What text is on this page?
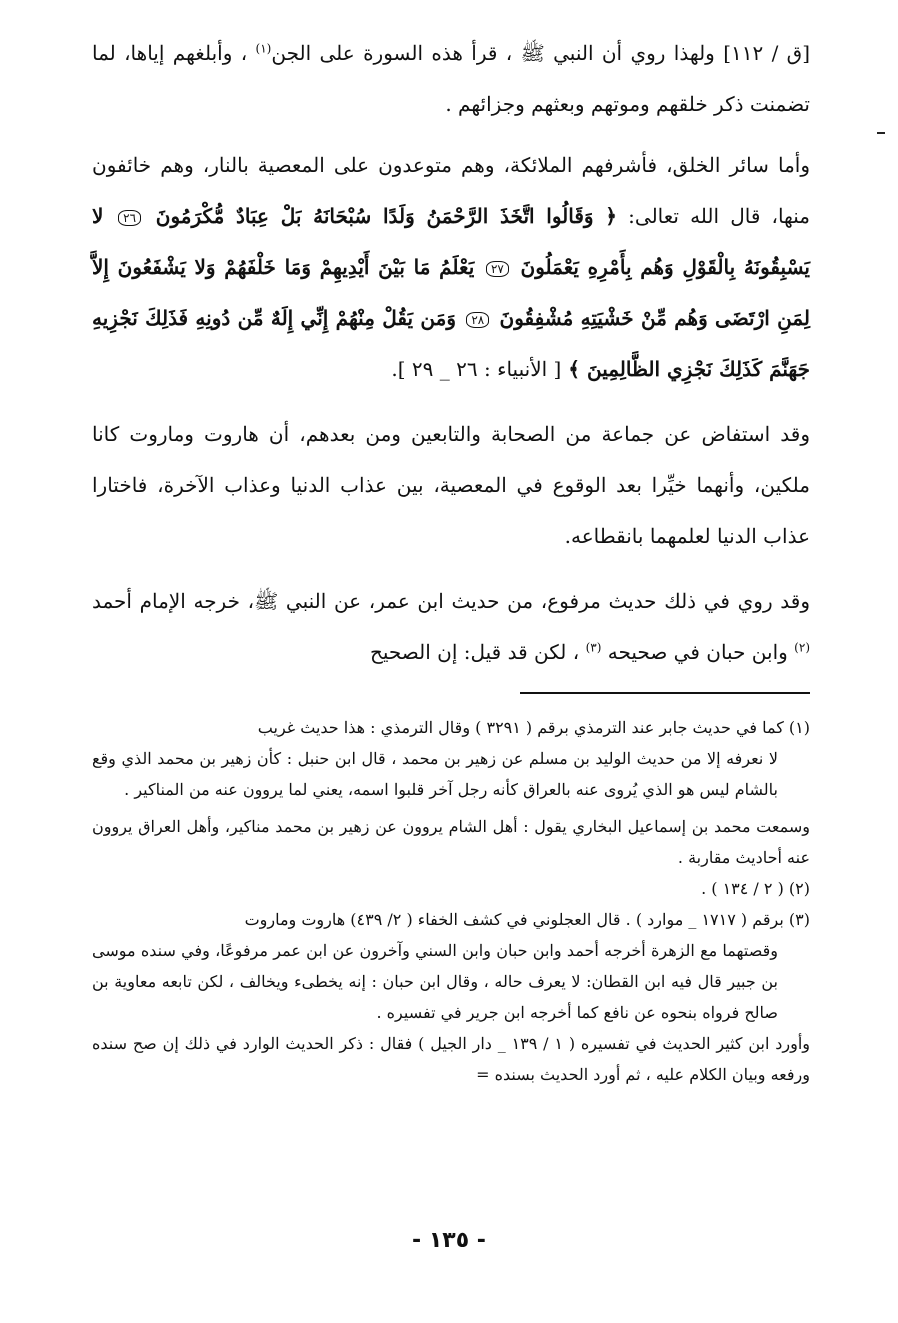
[ق / ١١٢] ولهذا روي أن النبي ﷺ ، قرأ هذه السورة على الجن$^{(١)}$ ، وأبلغهم إياها، لما تضمنت ذكر خلقهم وموتهم وبعثهم وجزائهم .

وأما سائر الخلق، فأشرفهم الملائكة، وهم متوعدون على المعصية بالنار، وهم خائفون منها، قال الله تعالى: ﴿ وَقَالُوا اتَّخَذَ الرَّحْمَنُ وَلَدًا سُبْحَانَهُ بَلْ عِبَادٌ مُّكْرَمُونَ ٢٦ لا يَسْبِقُونَهُ بِالْقَوْلِ وَهُم بِأَمْرِهِ يَعْمَلُونَ ٢٧ يَعْلَمُ مَا بَيْنَ أَيْدِيهِمْ وَمَا خَلْفَهُمْ وَلا يَشْفَعُونَ إِلاَّ لِمَنِ ارْتَضَى وَهُم مِّنْ خَشْيَتِهِ مُشْفِقُونَ ٢٨ وَمَن يَقُلْ مِنْهُمْ إِنِّي إِلَهٌ مِّن دُونِهِ فَذَلِكَ نَجْزِيهِ جَهَنَّمَ كَذَلِكَ نَجْزِي الظَّالِمِينَ ﴾ [ الأنبياء : ٢٦ _ ٢٩ ].

وقد استفاض عن جماعة من الصحابة والتابعين ومن بعدهم، أن هاروت وماروت كانا ملكين، وأنهما خيِّرا بعد الوقوع في المعصية، بين عذاب الدنيا وعذاب الآخرة، فاختارا عذاب الدنيا لعلمهما بانقطاعه.

وقد روي في ذلك حديث مرفوع، من حديث ابن عمر، عن النبي ﷺ، خرجه الإمام أحمد $^{(٢)}$ وابن حبان في صحيحه $^{(٣)}$ ، لكن قد قيل: إن الصحيح

(١) كما في حديث جابر عند الترمذي برقم ( ٣٢٩١ ) وقال الترمذي : هذا حديث غريب

لا نعرفه إلا من حديث الوليد بن مسلم عن زهير بن محمد ، قال ابن حنبل : كأن زهير بن محمد الذي وقع بالشام ليس هو الذي يُروى عنه بالعراق كأنه رجل آخر قلبوا اسمه، يعني لما يروون عنه من المناكير .

وسمعت محمد بن إسماعيل البخاري يقول : أهل الشام يروون عن زهير بن محمد مناكير، وأهل العراق يروون عنه أحاديث مقاربة .

(٢) ( ٢ / ١٣٤ ) .

(٣) برقم ( ١٧١٧ _ موارد ) . قال العجلوني في كشف الخفاء ( ٢/ ٤٣٩) هاروت وماروت

وقصتهما مع الزهرة أخرجه أحمد وابن حبان وابن السني وآخرون عن ابن عمر مرفوعًا، وفي سنده موسى بن جبير قال فيه ابن القطان: لا يعرف حاله ، وقال ابن حبان : إنه يخطىء ويخالف ، لكن تابعه معاوية بن صالح فرواه بنحوه عن نافع كما أخرجه ابن جرير في تفسيره .

وأورد ابن كثير الحديث في تفسيره ( ١ / ١٣٩ _ دار الجيل ) فقال : ذكر الحديث الوارد في ذلك إن صح سنده ورفعه وبيان الكلام عليه ، ثم أورد الحديث بسنده =

- ١٣٥ -
